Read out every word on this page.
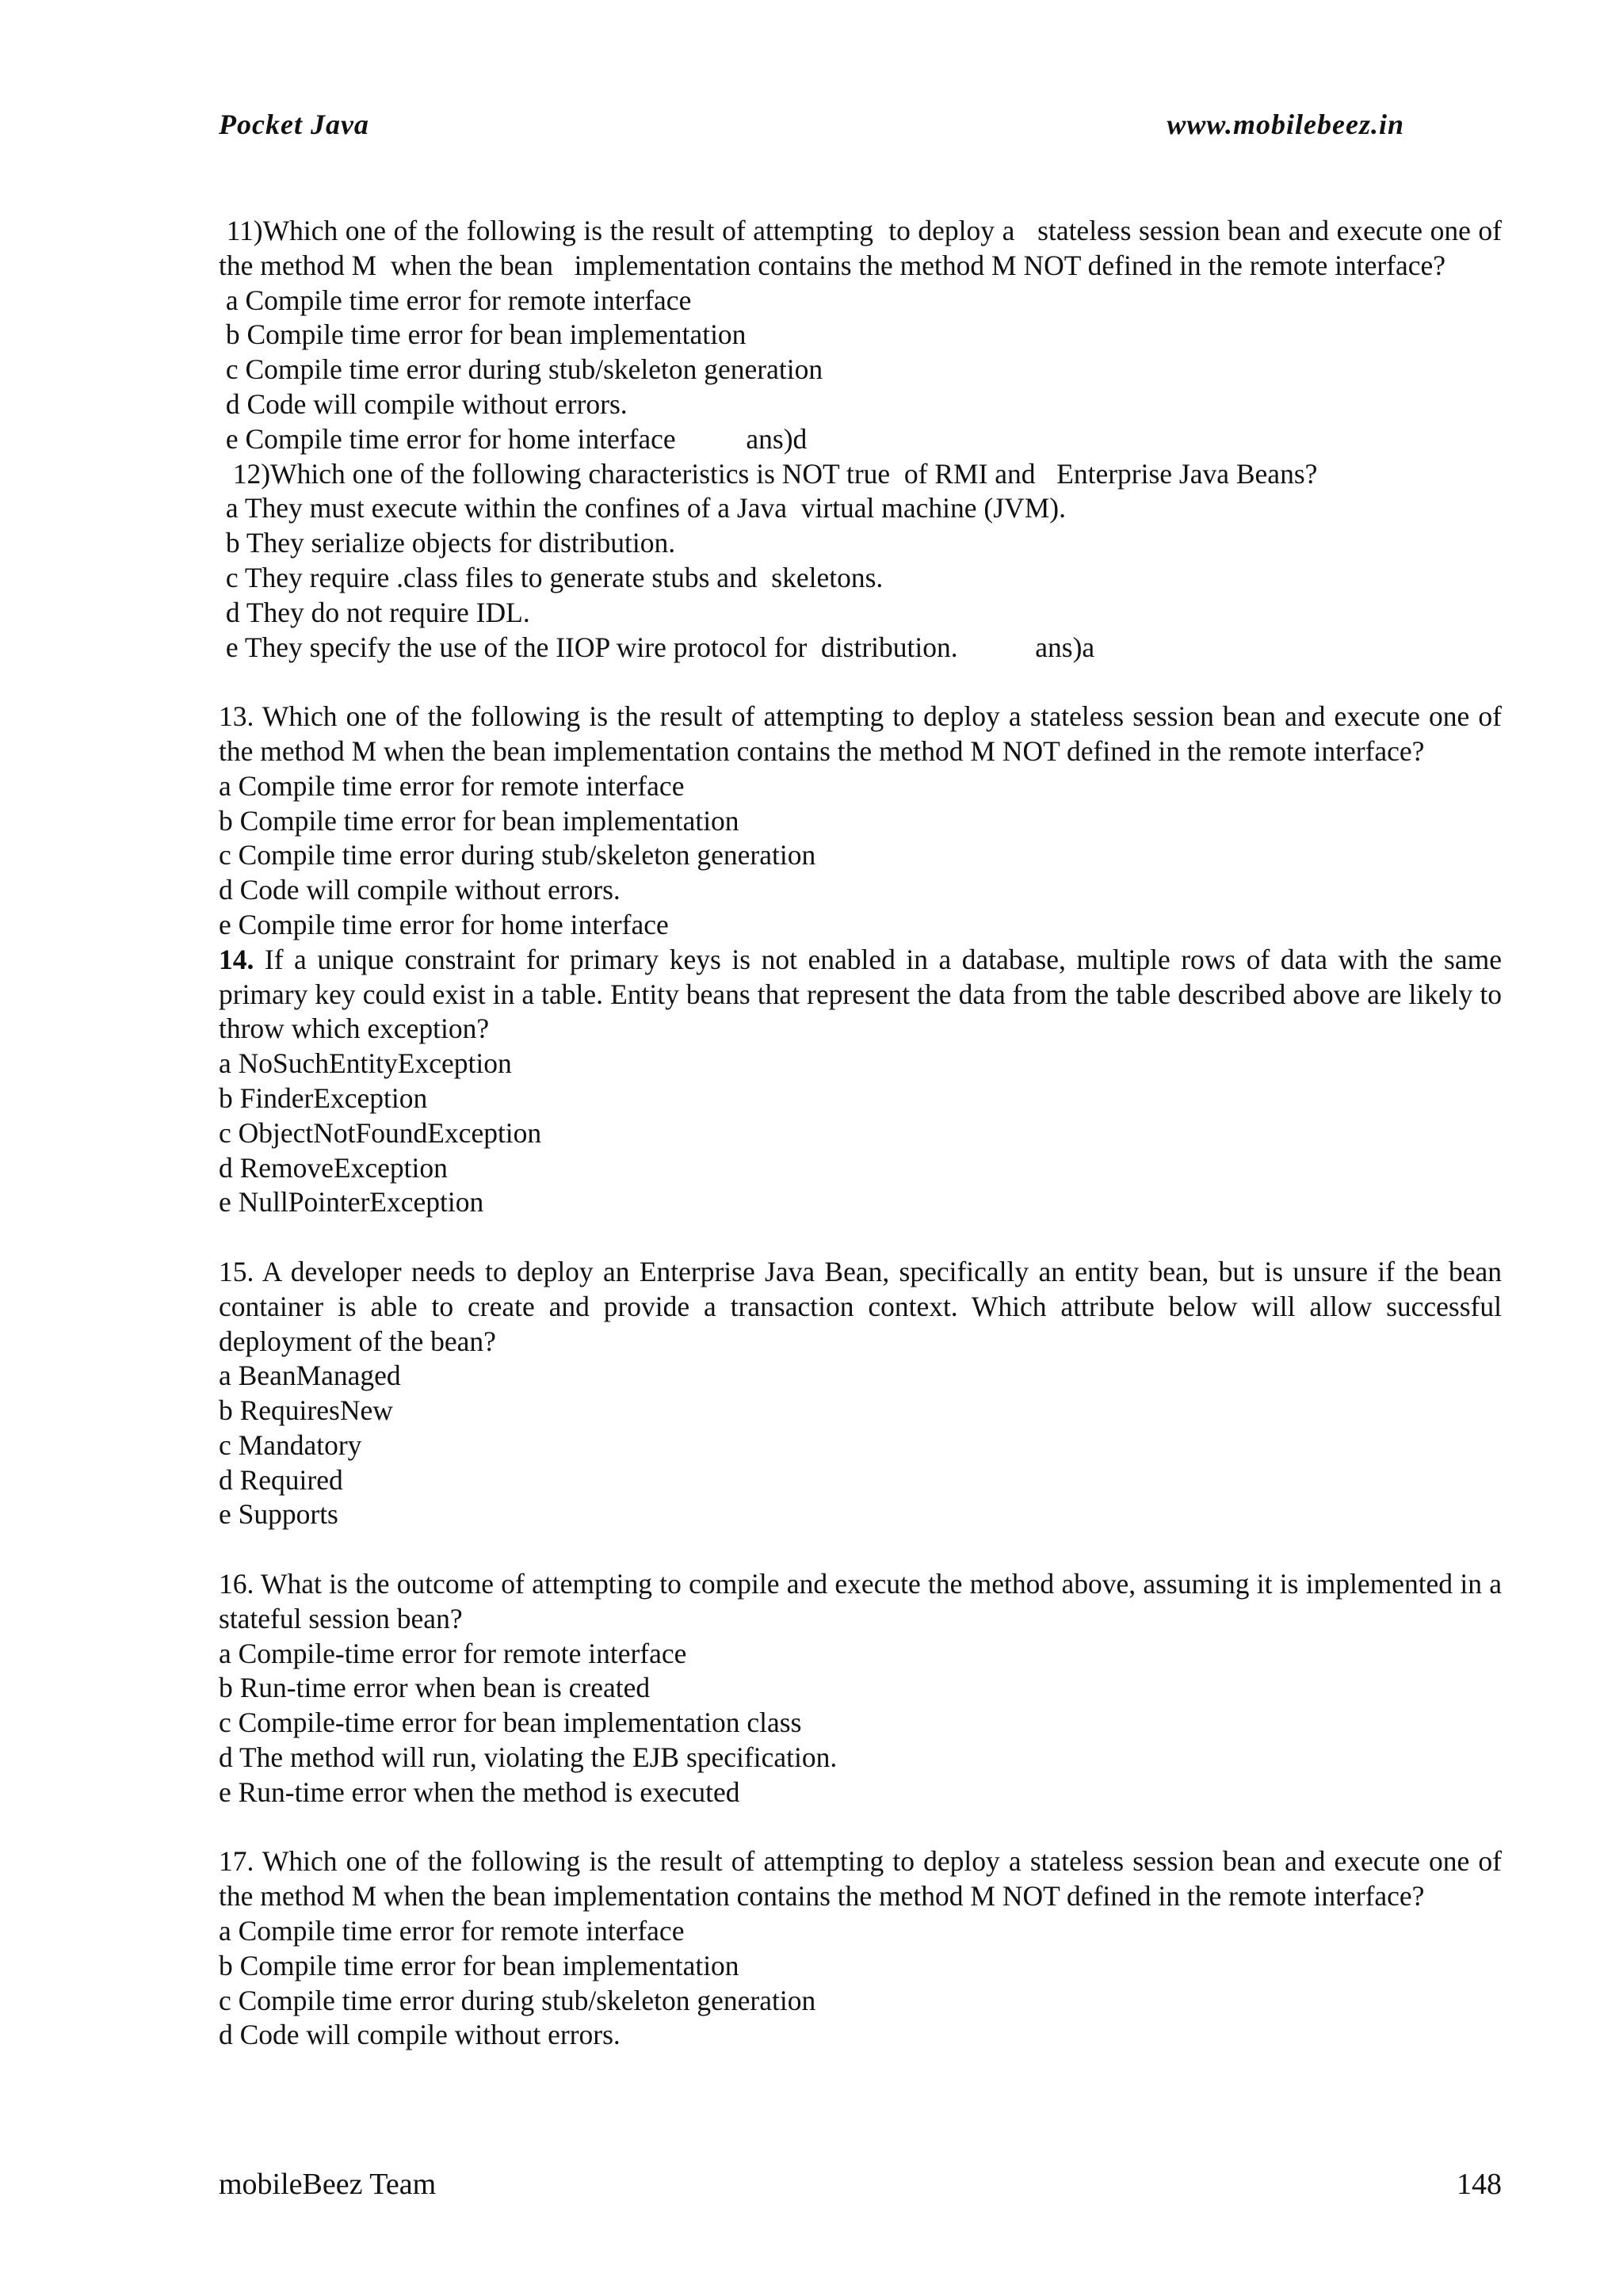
Pocket Java	www.mobilebeez.in

11)Which one of the following is the result of attempting  to deploy a   stateless session bean and execute one of the method M  when the bean   implementation contains the method M NOT defined in the remote interface?

a Compile time error for remote interface

b Compile time error for bean implementation

c Compile time error during stub/skeleton generation

d Code will compile without errors.

e Compile time error for home interface          ans)d

12)Which one of the following characteristics is NOT true  of RMI and   Enterprise Java Beans?

a They must execute within the confines of a Java  virtual machine (JVM).

b They serialize objects for distribution.

c They require .class files to generate stubs and  skeletons.

d They do not require IDL.

e They specify the use of the IIOP wire protocol for  distribution.           ans)a

13. Which one of the following is the result of attempting to deploy a stateless session bean and execute one of the method M when the bean implementation contains the method M NOT defined in the remote interface?

a Compile time error for remote interface

b Compile time error for bean implementation

c Compile time error during stub/skeleton generation

d Code will compile without errors.

e Compile time error for home interface

14. If a unique constraint for primary keys is not enabled in a database, multiple rows of data with the same primary key could exist in a table. Entity beans that represent the data from the table described above are likely to throw which exception?

a NoSuchEntityException

b FinderException

c ObjectNotFoundException

d RemoveException

e NullPointerException

15. A developer needs to deploy an Enterprise Java Bean, specifically an entity bean, but is unsure if the bean container is able to create and provide a transaction context. Which attribute below will allow successful deployment of the bean?

a BeanManaged

b RequiresNew

c Mandatory

d Required

e Supports

16. What is the outcome of attempting to compile and execute the method above, assuming it is implemented in a stateful session bean?

a Compile-time error for remote interface

b Run-time error when bean is created

c Compile-time error for bean implementation class

d The method will run, violating the EJB specification.

e Run-time error when the method is executed

17. Which one of the following is the result of attempting to deploy a stateless session bean and execute one of the method M when the bean implementation contains the method M NOT defined in the remote interface?

a Compile time error for remote interface

b Compile time error for bean implementation

c Compile time error during stub/skeleton generation

d Code will compile without errors.

mobileBeez Team	148
